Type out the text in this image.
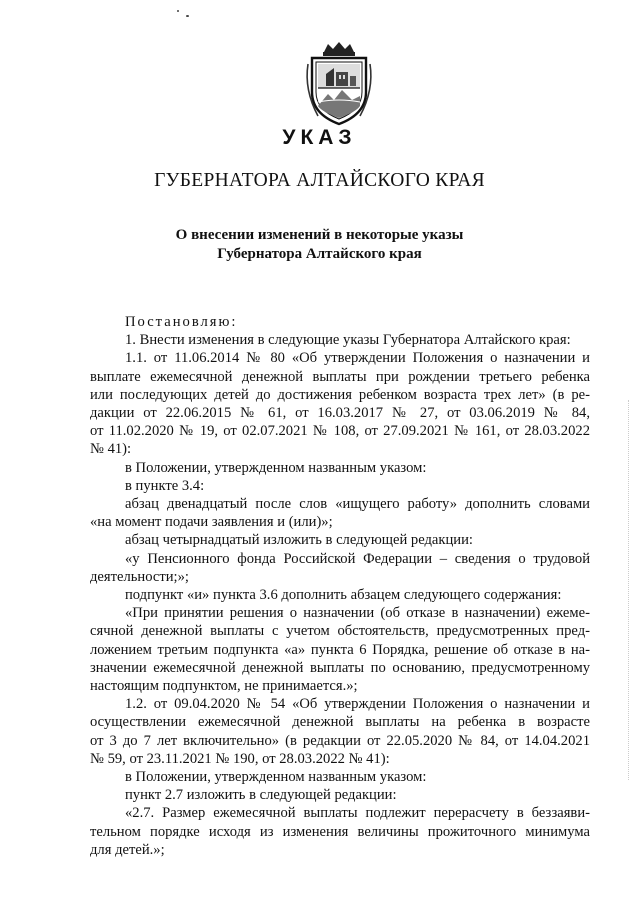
УКАЗ
ГУБЕРНАТОРА АЛТАЙСКОГО КРАЯ
О внесении изменений в некоторые указы
Губернатора Алтайского края
Постановляю:
1. Внести изменения в следующие указы Губернатора Алтайского края:
1.1. от 11.06.2014 № 80 «Об утверждении Положения о назначении и
выплате ежемесячной денежной выплаты при рождении третьего ребенка
или последующих детей до достижения ребенком возраста трех лет» (в ре-
дакции от 22.06.2015 № 61, от 16.03.2017 № 27, от 03.06.2019 № 84,
от 11.02.2020 № 19, от 02.07.2021 № 108, от 27.09.2021 № 161, от 28.03.2022
№ 41):
в Положении, утвержденном названным указом:
в пункте 3.4:
абзац двенадцатый после слов «ищущего работу» дополнить словами
«на момент подачи заявления и (или)»;
абзац четырнадцатый изложить в следующей редакции:
«у Пенсионного фонда Российской Федерации – сведения о трудовой
деятельности;»;
подпункт «и» пункта 3.6 дополнить абзацем следующего содержания:
«При принятии решения о назначении (об отказе в назначении) ежеме-
сячной денежной выплаты с учетом обстоятельств, предусмотренных пред-
ложением третьим подпункта «а» пункта 6 Порядка, решение об отказе в на-
значении ежемесячной денежной выплаты по основанию, предусмотренному
настоящим подпунктом, не принимается.»;
1.2. от 09.04.2020 № 54 «Об утверждении Положения о назначении и
осуществлении ежемесячной денежной выплаты на ребенка в возрасте
от 3 до 7 лет включительно» (в редакции от 22.05.2020 № 84, от 14.04.2021
№ 59, от 23.11.2021 № 190, от 28.03.2022 № 41):
в Положении, утвержденном названным указом:
пункт 2.7 изложить в следующей редакции:
«2.7. Размер ежемесячной выплаты подлежит перерасчету в беззаяви-
тельном порядке исходя из изменения величины прожиточного минимума
для детей.»;
